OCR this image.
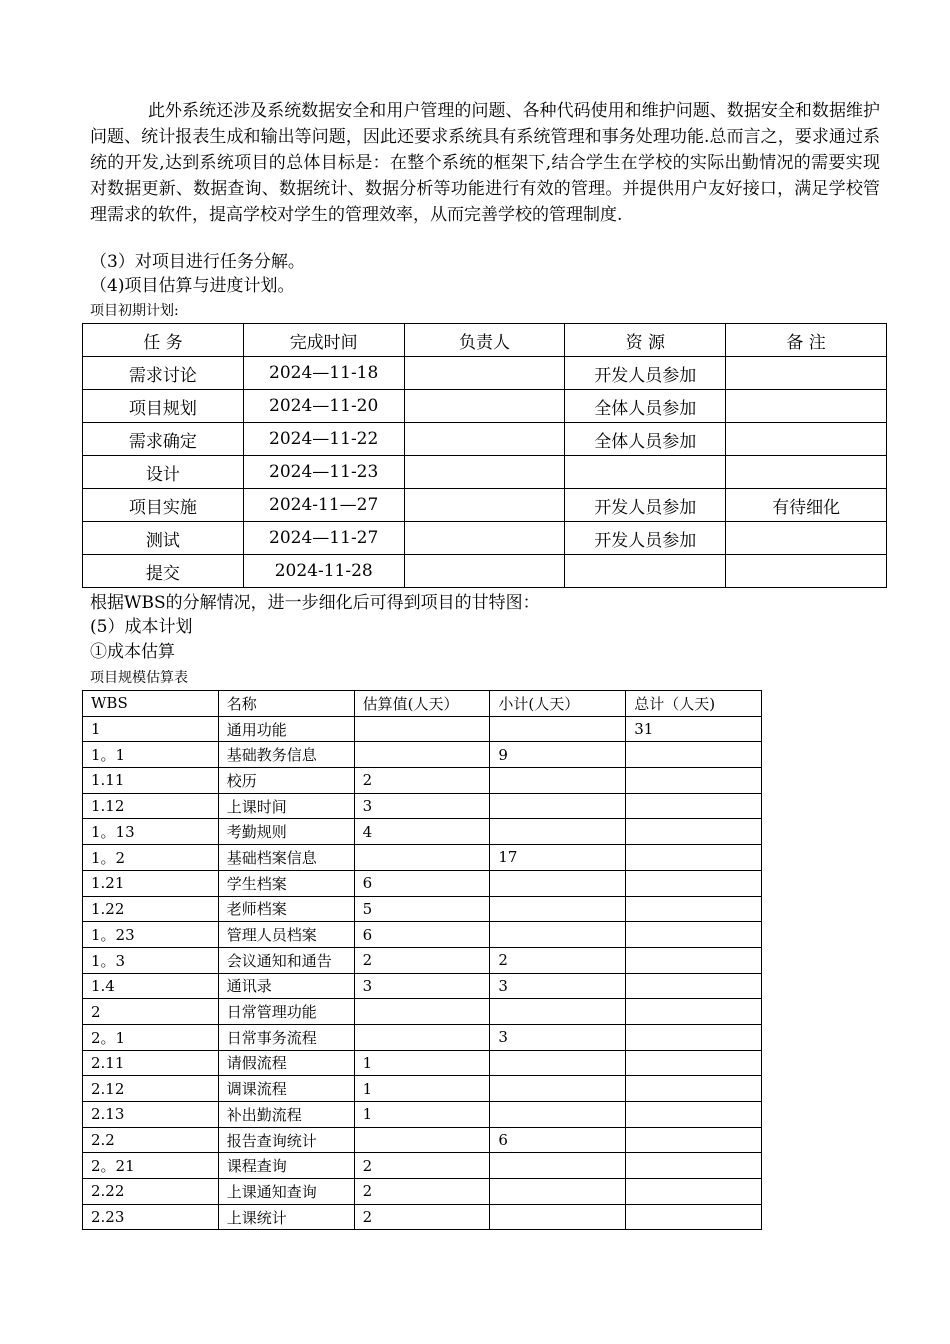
此外系统还涉及系统数据安全和用户管理的问题、各种代码使用和维护问题、数据安全和数据维护问题、统计报表生成和输出等问题，因此还要求系统具有系统管理和事务处理功能.总而言之，要求通过系统的开发,达到系统项目的总体目标是：在整个系统的框架下,结合学生在学校的实际出勤情况的需要实现对数据更新、数据查询、数据统计、数据分析等功能进行有效的管理。并提供用户友好接口，满足学校管理需求的软件，提高学校对学生的管理效率，从而完善学校的管理制度.

（3）对项目进行任务分解。

（4)项目估算与进度计划。

项目初期计划:

任 务	完成时间	负责人	资 源	备 注
需求讨论	2024—11-18		开发人员参加	
项目规划	2024—11-20		全体人员参加	
需求确定	2024—11-22		全体人员参加	
设计	2024—11-23			
项目实施	2024-11—27		开发人员参加	有待细化
测试	2024—11-27		开发人员参加	
提交	2024-11-28			

根据WBS的分解情况，进一步细化后可得到项目的甘特图：

(5）成本计划

①成本估算

项目规模估算表

WBS	名称	估算值(人天）	小计(人天）	总计（人天)
1	通用功能			31
1。1	基础教务信息		9	
1.11	校历	2		
1.12	上课时间	3		
1。13	考勤规则	4		
1。2	基础档案信息		17	
1.21	学生档案	6		
1.22	老师档案	5		
1。23	管理人员档案	6		
1。3	会议通知和通告	2	2	
1.4	通讯录	3	3	
2	日常管理功能			
2。1	日常事务流程		3	
2.11	请假流程	1		
2.12	调课流程	1		
2.13	补出勤流程	1		
2.2	报告查询统计		6	
2。21	课程查询	2		
2.22	上课通知查询	2		
2.23	上课统计	2		
